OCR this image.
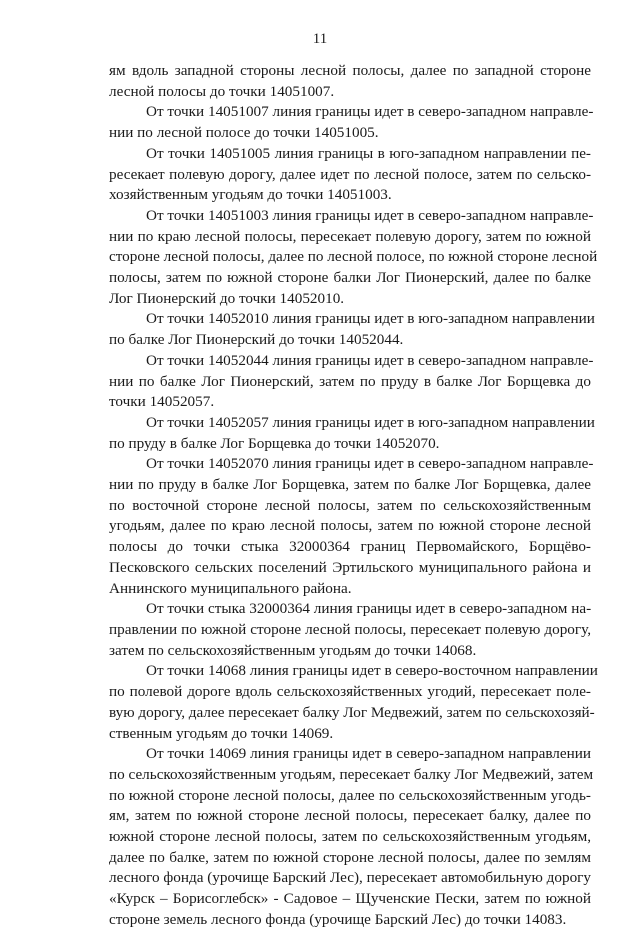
11
ям вдоль западной стороны лесной полосы, далее по западной стороне
лесной полосы до точки 14051007.
От точки 14051007 линия границы идет в северо-западном направле-
нии по лесной полосе до точки 14051005.
От точки 14051005 линия границы в юго-западном направлении пе-
ресекает полевую дорогу, далее идет по лесной полосе, затем по сельско-
хозяйственным угодьям до точки 14051003.
От точки 14051003 линия границы идет в северо-западном направле-
нии по краю лесной полосы, пересекает полевую дорогу, затем по южной
стороне лесной полосы, далее по лесной полосе, по южной стороне лесной
полосы, затем по южной стороне балки Лог Пионерский, далее по балке
Лог Пионерский до точки 14052010.
От точки 14052010 линия границы идет в юго-западном направлении
по балке Лог Пионерский до точки 14052044.
От точки 14052044 линия границы идет в северо-западном направле-
нии по балке Лог Пионерский, затем по пруду в балке Лог Борщевка до
точки 14052057.
От точки 14052057 линия границы идет в юго-западном направлении
по пруду в балке Лог Борщевка до точки 14052070.
От точки 14052070 линия границы идет в северо-западном направле-
нии по пруду в балке Лог Борщевка, затем по балке Лог Борщевка, далее
по восточной стороне лесной полосы, затем по сельскохозяйственным
угодьям, далее по краю лесной полосы, затем по южной стороне лесной
полосы до точки стыка 32000364 границ Первомайского, Борщёво-
Песковского сельских поселений Эртильского муниципального района и
Аннинского муниципального района.
От точки стыка 32000364 линия границы идет в северо-западном на-
правлении по южной стороне лесной полосы, пересекает полевую дорогу,
затем по сельскохозяйственным угодьям до точки 14068.
От точки 14068 линия границы идет в северо-восточном направлении
по полевой дороге вдоль сельскохозяйственных угодий, пересекает поле-
вую дорогу, далее пересекает балку Лог Медвежий, затем по сельскохозяй-
ственным угодьям до точки 14069.
От точки 14069 линия границы идет в северо-западном направлении
по сельскохозяйственным угодьям, пересекает балку Лог Медвежий, затем
по южной стороне лесной полосы, далее по сельскохозяйственным угодь-
ям, затем по южной стороне лесной полосы, пересекает балку, далее по
южной стороне лесной полосы, затем по сельскохозяйственным угодьям,
далее по балке, затем по южной стороне лесной полосы, далее по землям
лесного фонда (урочище Барский Лес), пересекает автомобильную дорогу
«Курск – Борисоглебск» - Садовое – Щученские Пески, затем по южной
стороне земель лесного фонда (урочище Барский Лес) до точки 14083.
